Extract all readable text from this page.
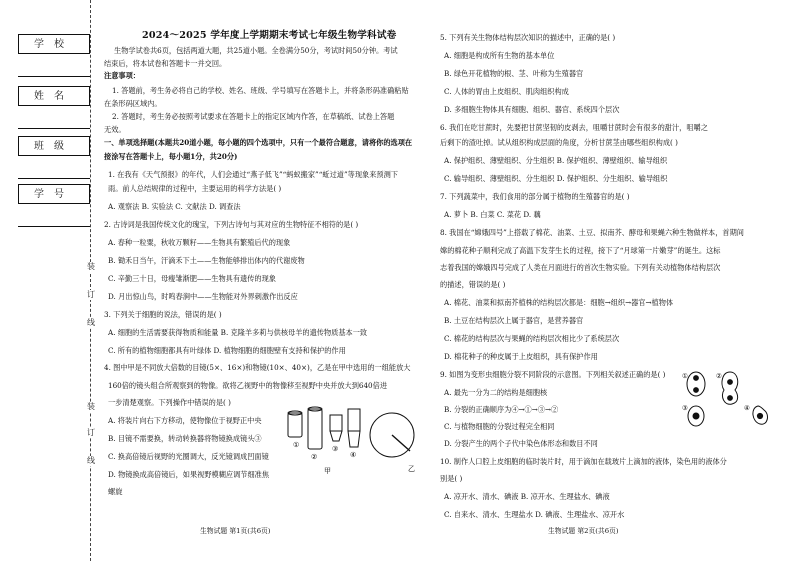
学校
姓名
班级
学号
装
订
线
装
订
线
2024～2025 学年度上学期期末考试七年级生物学科试卷
生物学试卷共6页，包括两道大题，共25道小题。全卷满分50分，考试时间50分钟。考试
结束后，将本试卷和答题卡一并交回。
注意事项：
1. 答题前，考生务必将自己的学校、姓名、班级、学号填写在答题卡上，并将条形码准确粘贴
在条形码区域内。
2. 答题时，考生务必按照考试要求在答题卡上的指定区域内作答，在草稿纸、试卷上答题
无效。
一、单项选择题(本题共20道小题，每小题的四个选项中，只有一个最符合题意，请将你的选项在
接涂写在答题卡上，每小题1分，共20分)
1. 在我有《天气预报》的年代，人们会通过“燕子低飞”“蚂蚁搬家”“蚯过道”等现象来预测下
雨。前人总结规律的过程中，主要运用的科学方法是( )
A. 观察法 B. 实验法 C. 文献法 D. 调查法
2. 古诗词是我国传统文化的瑰宝，下列古诗句与其对应的生物特征不相符的是( )
A. 春种一粒粟，秋收万颗籽——生物具有繁殖后代的现象
B. 锄禾日当午，汗滴禾下土——生物能够排出体内的代谢废物
C. 辛勤三十日，母瘦雏渐肥——生物具有遗传的现象
D. 月出惊山鸟，时鸣春涧中——生物能对外界刺激作出反应
3. 下列关于细胞的说法，错误的是( )
A. 细胞的生活需要获得物质和能量 B. 克隆羊多莉与供核母羊的遗传物质基本一致
C. 所有的植物细胞都具有叶绿体 D. 植物细胞的细胞壁有支持和保护的作用
4. 图中甲是不同放大倍数的目镜(5×、16×)和物镜(10×、40×)，乙是在甲中选用的一组能放大
160倍的镜头组合所观察到的物像。欲将乙视野中的物像移至视野中央并放大到640倍进
一步清楚观察。下列操作中错误的是( )
A. 将装片向右下方移动，使物像位于视野正中央
B. 目镜不需要换，转动转换器将物镜换成镜头③
C. 换高倍镜后视野的光圈调大，反光镜调成凹面镜
D. 物镜换成高倍镜后，如果视野模糊应调节细准焦
螺旋
①
②
③
④
甲	乙
生物试题 第1页(共6页)
5. 下列有关生物体结构层次知识的描述中，正确的是( )
A. 细胞是构成所有生物的基本单位
B. 绿色开花植物的根、茎、叶称为生殖器官
C. 人体的胃由上皮组织、肌肉组织构成
D. 多细胞生物体具有细胞、组织、器官、系统四个层次
6. 我们在吃甘蔗时，先要把甘蔗坚韧的皮剥去，咀嚼甘蔗时会有很多的甜汁，咀嚼之
后剩下的渣吐掉。试从组织构成层面的角度，分析甘蔗茎由哪些组织构成( )
A. 保护组织、薄壁组织、分生组织 B. 保护组织、薄壁组织、输导组织
C. 输导组织、薄壁组织、分生组织 D. 保护组织、分生组织、输导组织
7. 下列蔬菜中，我们食用的部分属于植物的生殖器官的是( )
A. 萝卜 B. 白菜 C. 菜花 D. 藕
8. 我国在“嫦娥四号”上搭载了棉花、油菜、土豆、拟南芥、酵母和果蝇六种生物做样本，首期间
嫦的棉花种子顺利完成了高温下发芽生长的过程，接下了“月球第一片嫩芽”的诞生。这标
志着我国的嫦娥四号完成了人类在月面进行的首次生物实验。下列有关动植物体结构层次
的描述，错误的是( )
A. 棉花、油菜和拟南芥植株的结构层次都是：细胞→组织→器官→植物体
B. 土豆在结构层次上属于器官，是营养器官
C. 棉花的结构层次与果蝇的结构层次相比少了系统层次
D. 棉花种子的种皮属于上皮组织，具有保护作用
9. 如图为变形虫细胞分裂不同阶段的示意图。下列相关叙述正确的是( )
A. 最先一分为二的结构是细胞核
B. 分裂的正确顺序为④→①→③→②
C. 与植物细胞的分裂过程完全相同
D. 分裂产生的两个子代中染色体形态和数目不同
10. 制作人口腔上皮细胞的临时装片时，用于滴加在载玻片上滴加的液体，染色用的液体分
别是( )
A. 凉开水、清水、碘液 B. 凉开水、生理盐水、碘液
C. 自来水、清水、生理盐水 D. 碘液、生理盐水、凉开水
①	②
③	④
生物试题 第2页(共6页)
